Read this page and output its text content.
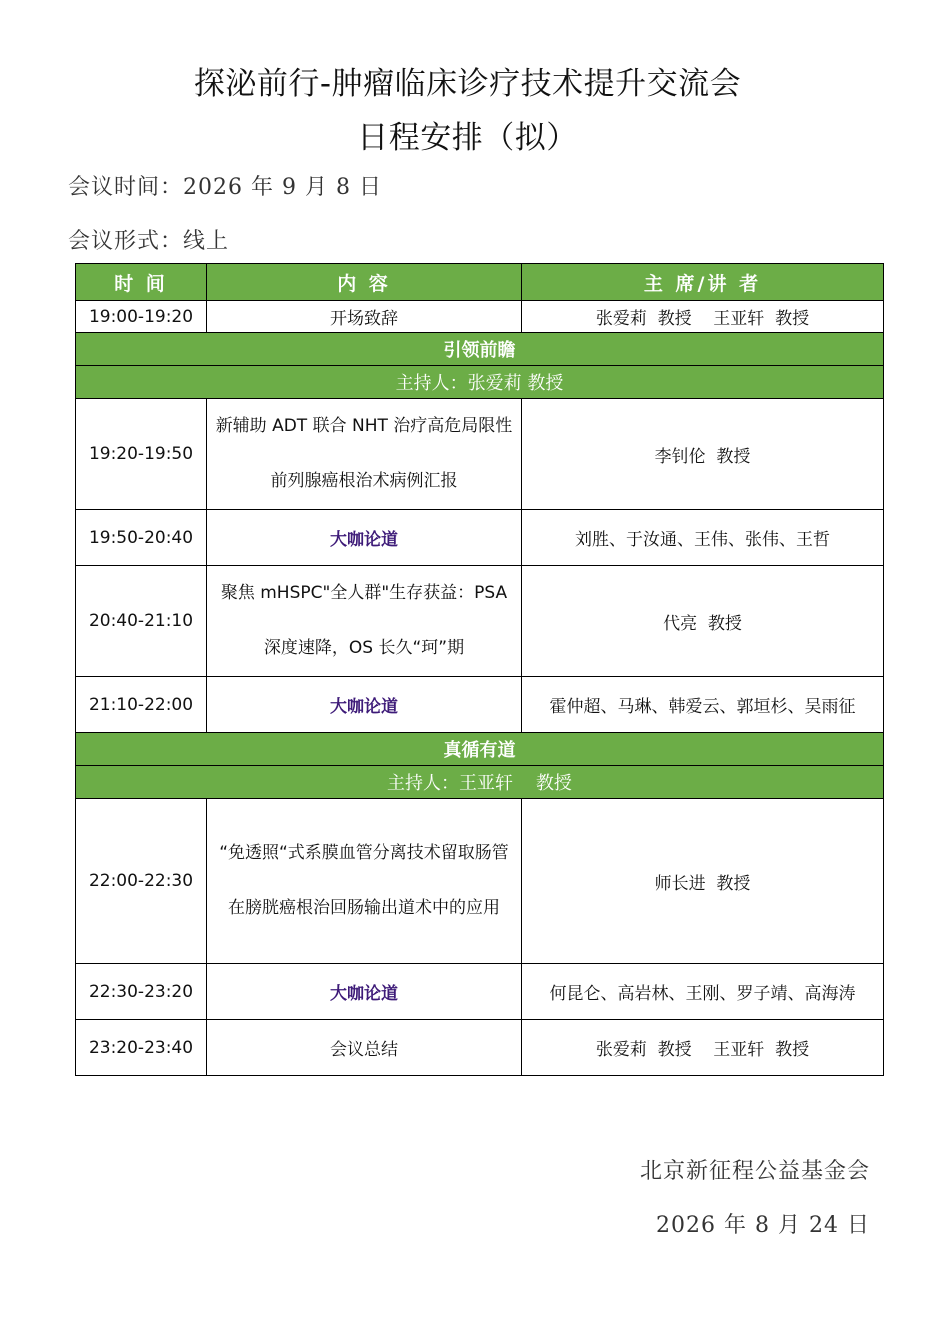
探泌前行-肿瘤临床诊疗技术提升交流会
日程安排（拟）
会议时间：2026 年 9 月 8 日
会议形式：线上
时 间	内 容	主 席/讲 者
19:00-19:20	开场致辞	张爱莉  教授    王亚轩  教授
引领前瞻		
主持人：张爱莉 教授		
19:20-19:50	新辅助 ADT 联合 NHT 治疗高危局限性前列腺癌根治术病例汇报	李钊伦  教授
19:50-20:40	大咖论道	刘胜、于汝通、王伟、张伟、王哲
20:40-21:10	聚焦 mHSPC"全人群"生存获益：PSA 深度速降，OS 长久“珂”期	代亮  教授
21:10-22:00	大咖论道	霍仲超、马琳、韩爱云、郭垣杉、吴雨征
真循有道		
主持人：王亚轩    教授		
22:00-22:30	“免透照“式系膜血管分离技术留取肠管在膀胱癌根治回肠输出道术中的应用	师长进  教授
22:30-23:20	大咖论道	何昆仑、高岩林、王刚、罗子靖、高海涛
23:20-23:40	会议总结	张爱莉  教授    王亚轩  教授
北京新征程公益基金会
2026 年 8 月 24 日
